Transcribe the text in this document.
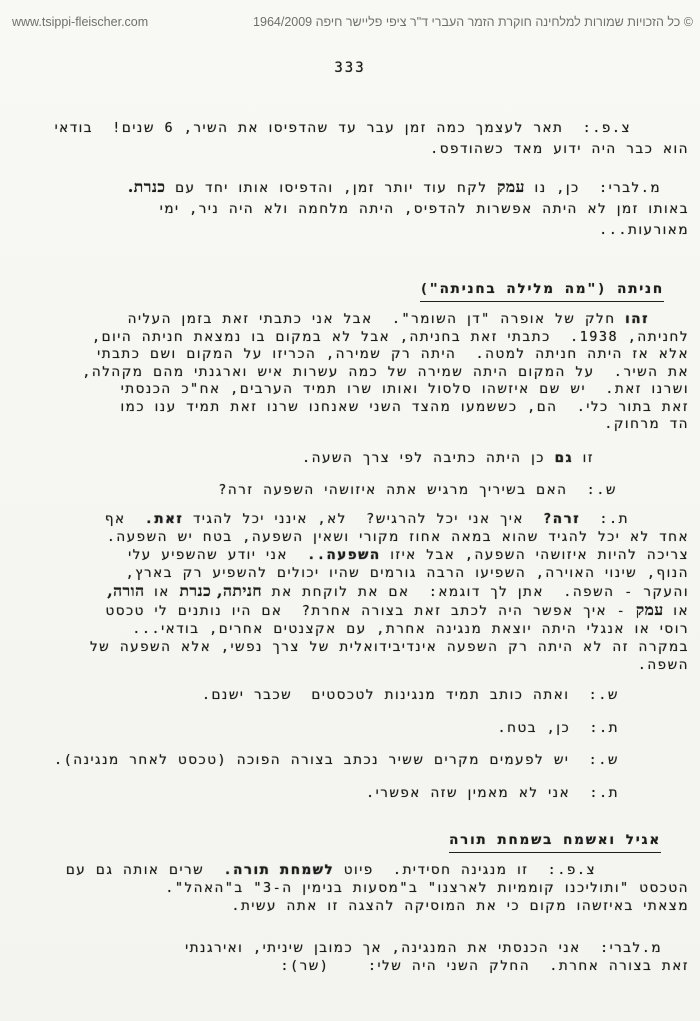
www.tsippi-fleischer.com	© כל הזכויות שמורות למלחינה חוקרת הזמר העברי ד"ר ציפי פליישר חיפה 1964/2009
333
צ.פ.:  תאר לעצמך כמה זמן עבר עד שהדפיסו את השיר, 6 שנים!  בודאי
הוא כבר היה ידוע מאד כשהודפס.
מ.לברי:  כן, נו עמק לקח עוד יותר זמן, והדפיסו אותו יחד עם כנרת.
באותו זמן לא היתה אפשרות להדפיס, היתה מלחמה ולא היה ניר, ימי
מאורעות...
חניתה ("מה מלילה בחניתה")
זהו חלק של אופרה "דן השומר".  אבל אני כתבתי זאת בזמן העליה
לחניתה, 1938.  כתבתי זאת בחניתה, אבל לא במקום בו נמצאת חניתה היום,
אלא אז היתה חניתה למטה.  היתה רק שמירה, הכריזו על המקום ושם כתבתי
את השיר.  על המקום היתה שמירה של כמה עשרות איש וארגנתי מהם מקהלה,
ושרנו זאת.  יש שם איזשהו סלסול ואותו שרו תמיד הערבים, אח"כ הכנסתי
זאת בתור כלי.  הם, כששמעו מהצד השני שאנחנו שרנו זאת תמיד ענו כמו
הד מרחוק.
זו גם כן היתה כתיבה לפי צרך השעה.
ש.:  האם בשיריך מרגיש אתה איזושהי השפעה זרה?
ת.:  זרה?  איך אני יכל להרגיש?  לא, אינני יכל להגיד זאת.  אף
אחד לא יכל להגיד שהוא במאה אחוז מקורי ושאין השפעה, בטח יש השפעה.
צריכה להיות איזושהי השפעה, אבל איזו השפעה..  אני יודע שהשפיע עלי
הנוף, שינוי האוירה, השפיעו הרבה גורמים שהיו יכולים להשפיע רק בארץ,
והעקר - השפה.  אתן לך דוגמא:  אם את לוקחת את חניתה, כנרת או הורה,
או עמק - איך אפשר היה לכתב זאת בצורה אחרת?  אם היו נותנים לי טכסט
רוסי או אנגלי היתה יוצאת מנגינה אחרת, עם אקצנטים אחרים, בודאי...
במקרה זה לא היתה רק השפעה אינדיבידואלית של צרך נפשי, אלא השפעה של
השפה.
ש.:  ואתה כותב תמיד מנגינות לטכסטים  שכבר ישנם.
ת.:  כן, בטח.
ש.:  יש לפעמים מקרים ששיר נכתב בצורה הפוכה (טכסט לאחר מנגינה).
ת.:  אני לא מאמין שזה אפשרי.
אגיל ואשמח בשמחת תורה
צ.פ.:  זו מנגינה חסידית.  פיוט לשמחת תורה.  שרים אותה גם עם
הטכסט "ותוליכנו קוממיות לארצנו" ב"מסעות בנימין ה-3" ב"האהל".
מצאתי באיזשהו מקום כי את המוסיקה להצגה זו אתה עשית.
מ.לברי:  אני הכנסתי את המנגינה, אך כמובן שיניתי, ואירגנתי
זאת בצורה אחרת.  החלק השני היה שלי:    (שר):
